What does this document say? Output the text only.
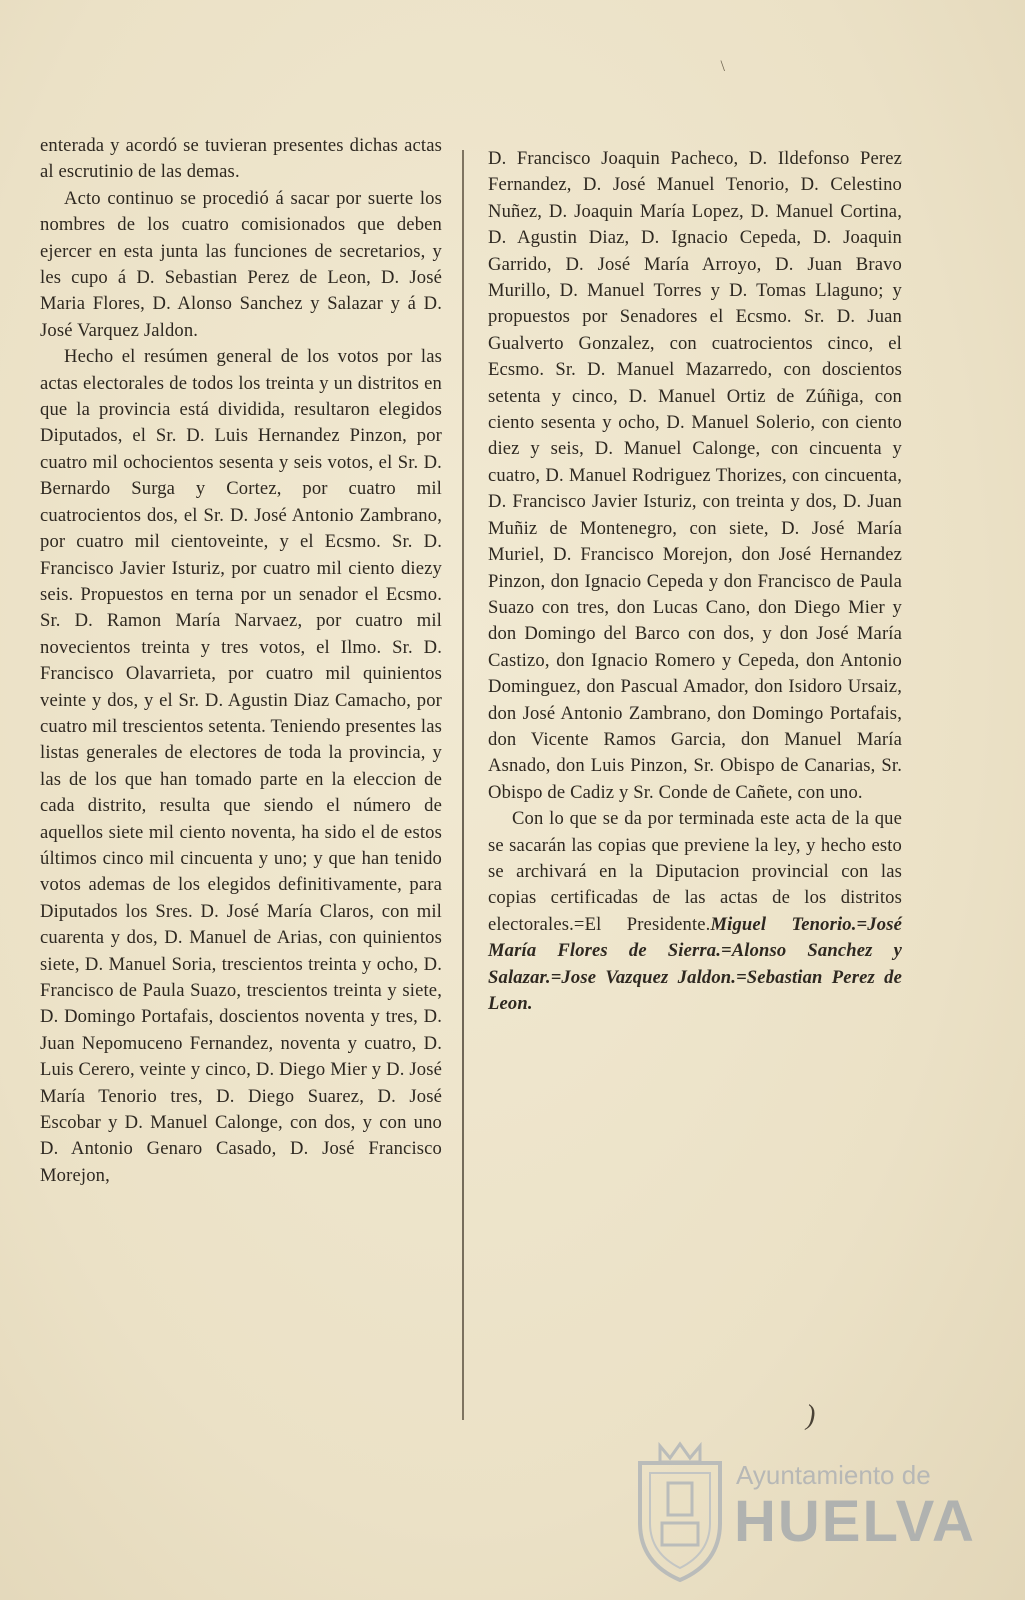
\

enterada y acordó se tuvieran presentes dichas actas al escrutinio de las demas.

Acto continuo se procedió á sacar por suerte los nombres de los cuatro comisionados que deben ejercer en esta junta las funciones de secretarios, y les cupo á D. Sebastian Perez de Leon, D. José Maria Flores, D. Alonso Sanchez y Salazar y á D. José Varquez Jaldon.

Hecho el resúmen general de los votos por las actas electorales de todos los treinta y un distritos en que la provincia está dividida, resultaron elegidos Diputados, el Sr. D. Luis Hernandez Pinzon, por cuatro mil ochocientos sesenta y seis votos, el Sr. D. Bernardo Surga y Cortez, por cuatro mil cuatrocientos dos, el Sr. D. José Antonio Zambrano, por cuatro mil cientoveinte, y el Ecsmo. Sr. D. Francisco Javier Isturiz, por cuatro mil ciento diezy seis. Propuestos en terna por un senador el Ecsmo. Sr. D. Ramon María Narvaez, por cuatro mil novecientos treinta y tres votos, el Ilmo. Sr. D. Francisco Olavarrieta, por cuatro mil quinientos veinte y dos, y el Sr. D. Agustin Diaz Camacho, por cuatro mil trescientos setenta. Teniendo presentes las listas generales de electores de toda la provincia, y las de los que han tomado parte en la eleccion de cada distrito, resulta que siendo el número de aquellos siete mil ciento noventa, ha sido el de estos últimos cinco mil cincuenta y uno; y que han tenido votos ademas de los elegidos definitivamente, para Diputados los Sres. D. José María Claros, con mil cuarenta y dos, D. Manuel de Arias, con quinientos siete, D. Manuel Soria, trescientos treinta y ocho, D. Francisco de Paula Suazo, trescientos treinta y siete, D. Domingo Portafais, doscientos noventa y tres, D. Juan Nepomuceno Fernandez, noventa y cuatro, D. Luis Cerero, veinte y cinco, D. Diego Mier y D. José María Tenorio tres, D. Diego Suarez, D. José Escobar y D. Manuel Calonge, con dos, y con uno D. Antonio Genaro Casado, D. José Francisco Morejon,

D. Francisco Joaquin Pacheco, D. Ildefonso Perez Fernandez, D. José Manuel Tenorio, D. Celestino Nuñez, D. Joaquin María Lopez, D. Manuel Cortina, D. Agustin Diaz, D. Ignacio Cepeda, D. Joaquin Garrido, D. José María Arroyo, D. Juan Bravo Murillo, D. Manuel Torres y D. Tomas Llaguno; y propuestos por Senadores el Ecsmo. Sr. D. Juan Gualverto Gonzalez, con cuatrocientos cinco, el Ecsmo. Sr. D. Manuel Mazarredo, con doscientos setenta y cinco, D. Manuel Ortiz de Zúñiga, con ciento sesenta y ocho, D. Manuel Solerio, con ciento diez y seis, D. Manuel Calonge, con cincuenta y cuatro, D. Manuel Rodriguez Thorizes, con cincuenta, D. Francisco Javier Isturiz, con treinta y dos, D. Juan Muñiz de Montenegro, con siete, D. José María Muriel, D. Francisco Morejon, don José Hernandez Pinzon, don Ignacio Cepeda y don Francisco de Paula Suazo con tres, don Lucas Cano, don Diego Mier y don Domingo del Barco con dos, y don José María Castizo, don Ignacio Romero y Cepeda, don Antonio Dominguez, don Pascual Amador, don Isidoro Ursaiz, don José Antonio Zambrano, don Domingo Portafais, don Vicente Ramos Garcia, don Manuel María Asnado, don Luis Pinzon, Sr. Obispo de Canarias, Sr. Obispo de Cadiz y Sr. Conde de Cañete, con uno.

Con lo que se da por terminada este acta de la que se sacarán las copias que previene la ley, y hecho esto se archivará en la Diputacion provincial con las copias certificadas de las actas de los distritos electorales.=El Presidente.Miguel Tenorio.=José María Flores de Sierra.=Alonso Sanchez y Salazar.=Jose Vazquez Jaldon.=Sebastian Perez de Leon.

)
Ayuntamiento de
HUELVA
